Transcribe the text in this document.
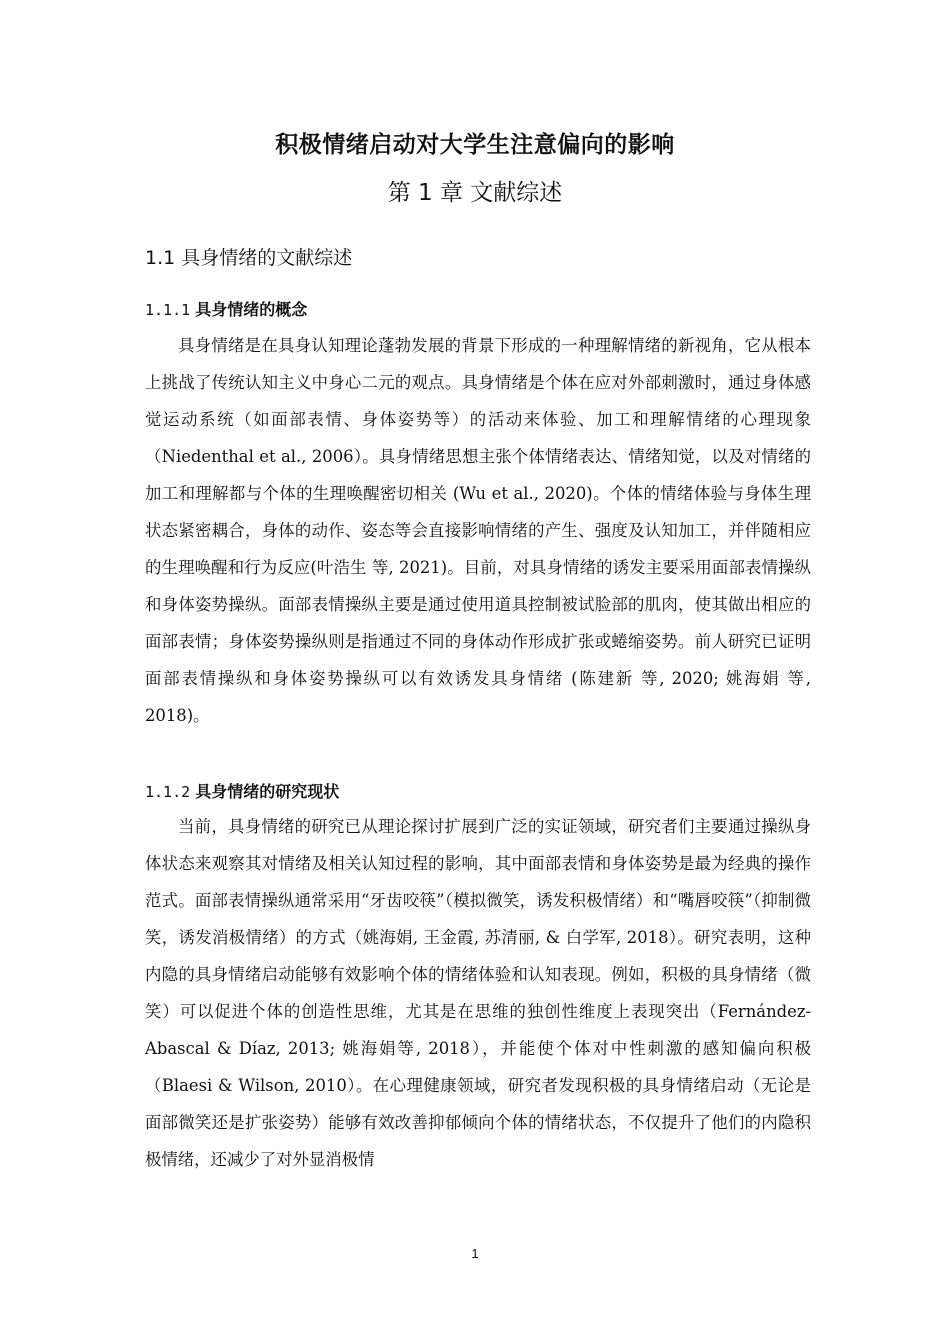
积极情绪启动对大学生注意偏向的影响
第 1 章 文献综述
1.1 具身情绪的文献综述
1.1.1 具身情绪的概念

具身情绪是在具身认知理论蓬勃发展的背景下形成的一种理解情绪的新视角，它从根本上挑战了传统认知主义中身心二元的观点。具身情绪是个体在应对外部刺激时，通过身体感觉运动系统（如面部表情、身体姿势等）的活动来体验、加工和理解情绪的心理现象（Niedenthal et al., 2006）。具身情绪思想主张个体情绪表达、情绪知觉，以及对情绪的加工和理解都与个体的生理唤醒密切相关 (Wu et al., 2020)。个体的情绪体验与身体生理状态紧密耦合，身体的动作、姿态等会直接影响情绪的产生、强度及认知加工，并伴随相应的生理唤醒和行为反应(叶浩生 等, 2021)。目前，对具身情绪的诱发主要采用面部表情操纵和身体姿势操纵。面部表情操纵主要是通过使用道具控制被试脸部的肌肉，使其做出相应的面部表情；身体姿势操纵则是指通过不同的身体动作形成扩张或蜷缩姿势。前人研究已证明面部表情操纵和身体姿势操纵可以有效诱发具身情绪 (陈建新 等, 2020; 姚海娟 等, 2018)。

1.1.2 具身情绪的研究现状

当前，具身情绪的研究已从理论探讨扩展到广泛的实证领域，研究者们主要通过操纵身体状态来观察其对情绪及相关认知过程的影响，其中面部表情和身体姿势是最为经典的操作范式。面部表情操纵通常采用“牙齿咬筷”（模拟微笑，诱发积极情绪）和“嘴唇咬筷”（抑制微笑，诱发消极情绪）的方式（姚海娟, 王金霞, 苏清丽, & 白学军, 2018）。研究表明，这种内隐的具身情绪启动能够有效影响个体的情绪体验和认知表现。例如，积极的具身情绪（微笑）可以促进个体的创造性思维，尤其是在思维的独创性维度上表现突出（Fernández-Abascal & Díaz, 2013; 姚海娟等, 2018），并能使个体对中性刺激的感知偏向积极（Blaesi & Wilson, 2010）。在心理健康领域，研究者发现积极的具身情绪启动（无论是面部微笑还是扩张姿势）能够有效改善抑郁倾向个体的情绪状态，不仅提升了他们的内隐积极情绪，还减少了对外显消极情

1
